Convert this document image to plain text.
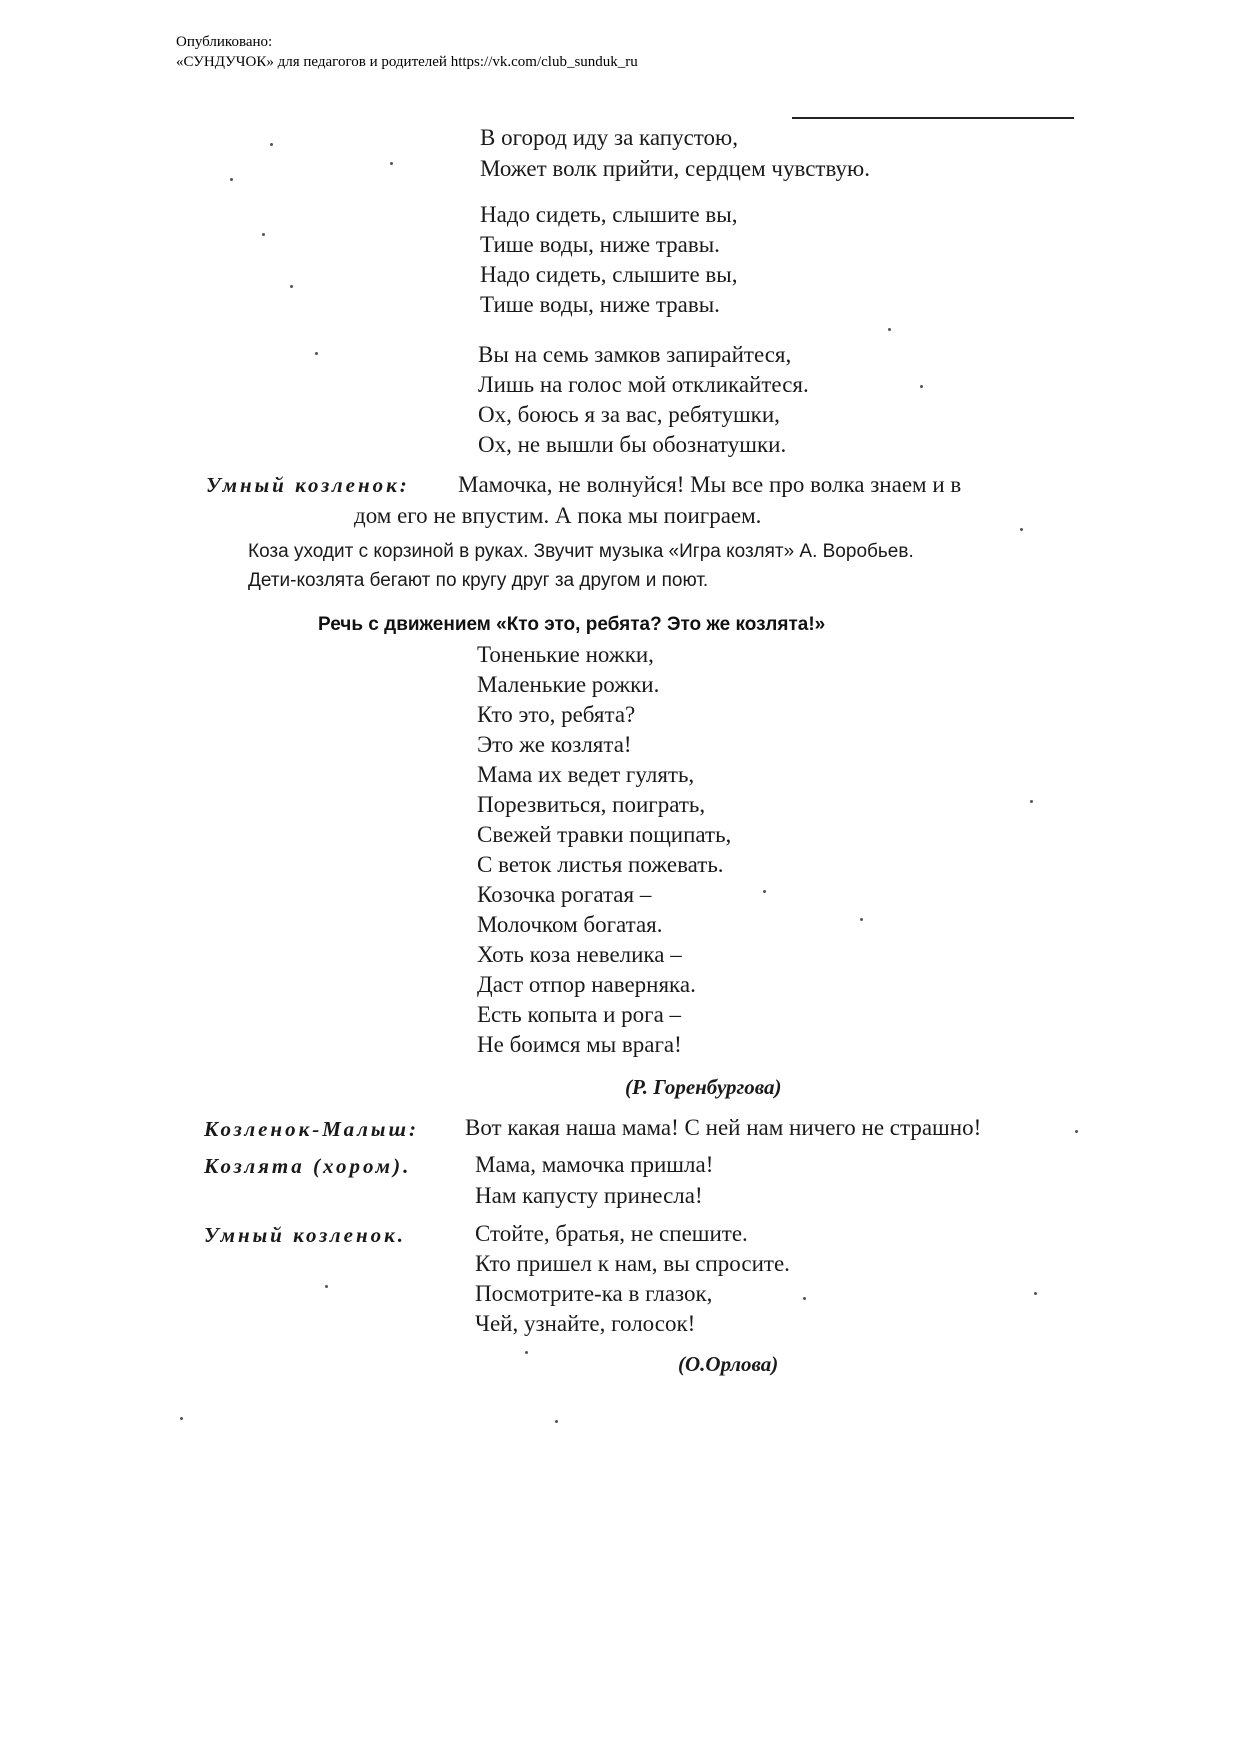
Опубликовано:
«СУНДУЧОК» для педагогов и родителей https://vk.com/club_sunduk_ru
В огород иду за капустою,
Может волк прийти, сердцем чувствую.
Надо сидеть, слышите вы,
Тише воды, ниже травы.
Надо сидеть, слышите вы,
Тише воды, ниже травы.
Вы на семь замков запирайтеся,
Лишь на голос мой откликайтеся.
Ох, боюсь я за вас, ребятушки,
Ох, не вышли бы обознатушки.
Умный козленок: Мамочка, не волнуйся! Мы все про волка знаем и в
дом его не впустим. А пока мы поиграем.
Коза уходит с корзиной в руках. Звучит музыка «Игра козлят» А. Воробьев.
Дети-козлята бегают по кругу друг за другом и поют.
Речь с движением «Кто это, ребята? Это же козлята!»
Тоненькие ножки,
Маленькие рожки.
Кто это, ребята?
Это же козлята!
Мама их ведет гулять,
Порезвиться, поиграть,
Свежей травки пощипать,
С веток листья пожевать.
Козочка рогатая –
Молочком богатая.
Хоть коза невелика –
Даст отпор наверняка.
Есть копыта и рога –
Не боимся мы врага!
(Р. Горенбургова)
Козленок-Малыш: Вот какая наша мама! С ней нам ничего не страшно!
Козлята (хором).	Мама, мамочка пришла!
Нам капусту принесла!
Умный козленок.	Стойте, братья, не спешите.
Кто пришел к нам, вы спросите.
Посмотрите-ка в глазок,
Чей, узнайте, голосок!
(О.Орлова)
